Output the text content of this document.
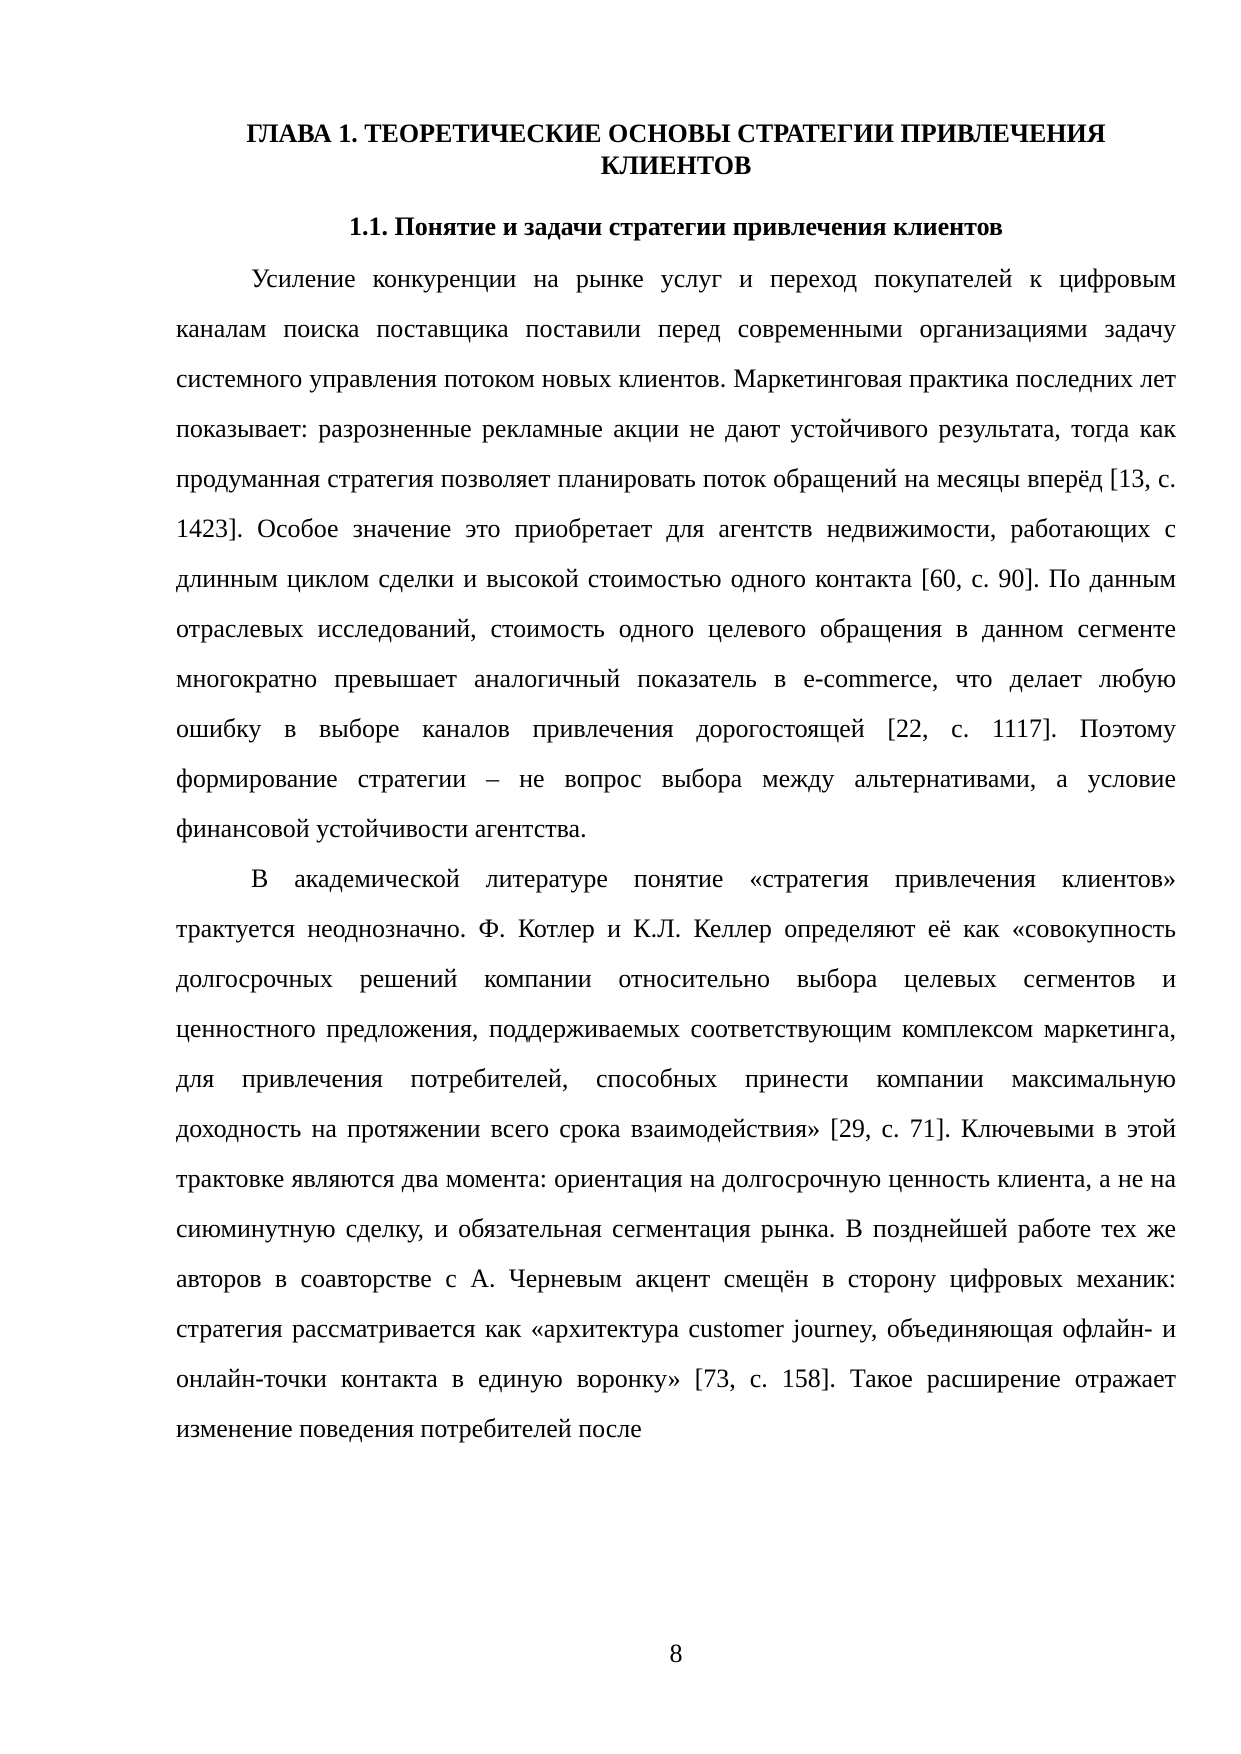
ГЛАВА 1. ТЕОРЕТИЧЕСКИЕ ОСНОВЫ СТРАТЕГИИ ПРИВЛЕЧЕНИЯ КЛИЕНТОВ
1.1. Понятие и задачи стратегии привлечения клиентов

Усиление конкуренции на рынке услуг и переход покупателей к цифровым каналам поиска поставщика поставили перед современными организациями задачу системного управления потоком новых клиентов. Маркетинговая практика последних лет показывает: разрозненные рекламные акции не дают устойчивого результата, тогда как продуманная стратегия позволяет планировать поток обращений на месяцы вперёд [13, с. 1423]. Особое значение это приобретает для агентств недвижимости, работающих с длинным циклом сделки и высокой стоимостью одного контакта [60, с. 90]. По данным отраслевых исследований, стоимость одного целевого обращения в данном сегменте многократно превышает аналогичный показатель в e-commerce, что делает любую ошибку в выборе каналов привлечения дорогостоящей [22, с. 1117]. Поэтому формирование стратегии – не вопрос выбора между альтернативами, а условие финансовой устойчивости агентства.

В академической литературе понятие «стратегия привлечения клиентов» трактуется неоднозначно. Ф. Котлер и К.Л. Келлер определяют её как «совокупность долгосрочных решений компании относительно выбора целевых сегментов и ценностного предложения, поддерживаемых соответствующим комплексом маркетинга, для привлечения потребителей, способных принести компании максимальную доходность на протяжении всего срока взаимодействия» [29, с. 71]. Ключевыми в этой трактовке являются два момента: ориентация на долгосрочную ценность клиента, а не на сиюминутную сделку, и обязательная сегментация рынка. В позднейшей работе тех же авторов в соавторстве с А. Черневым акцент смещён в сторону цифровых механик: стратегия рассматривается как «архитектура customer journey, объединяющая офлайн- и онлайн-точки контакта в единую воронку» [73, с. 158]. Такое расширение отражает изменение поведения потребителей после

8
